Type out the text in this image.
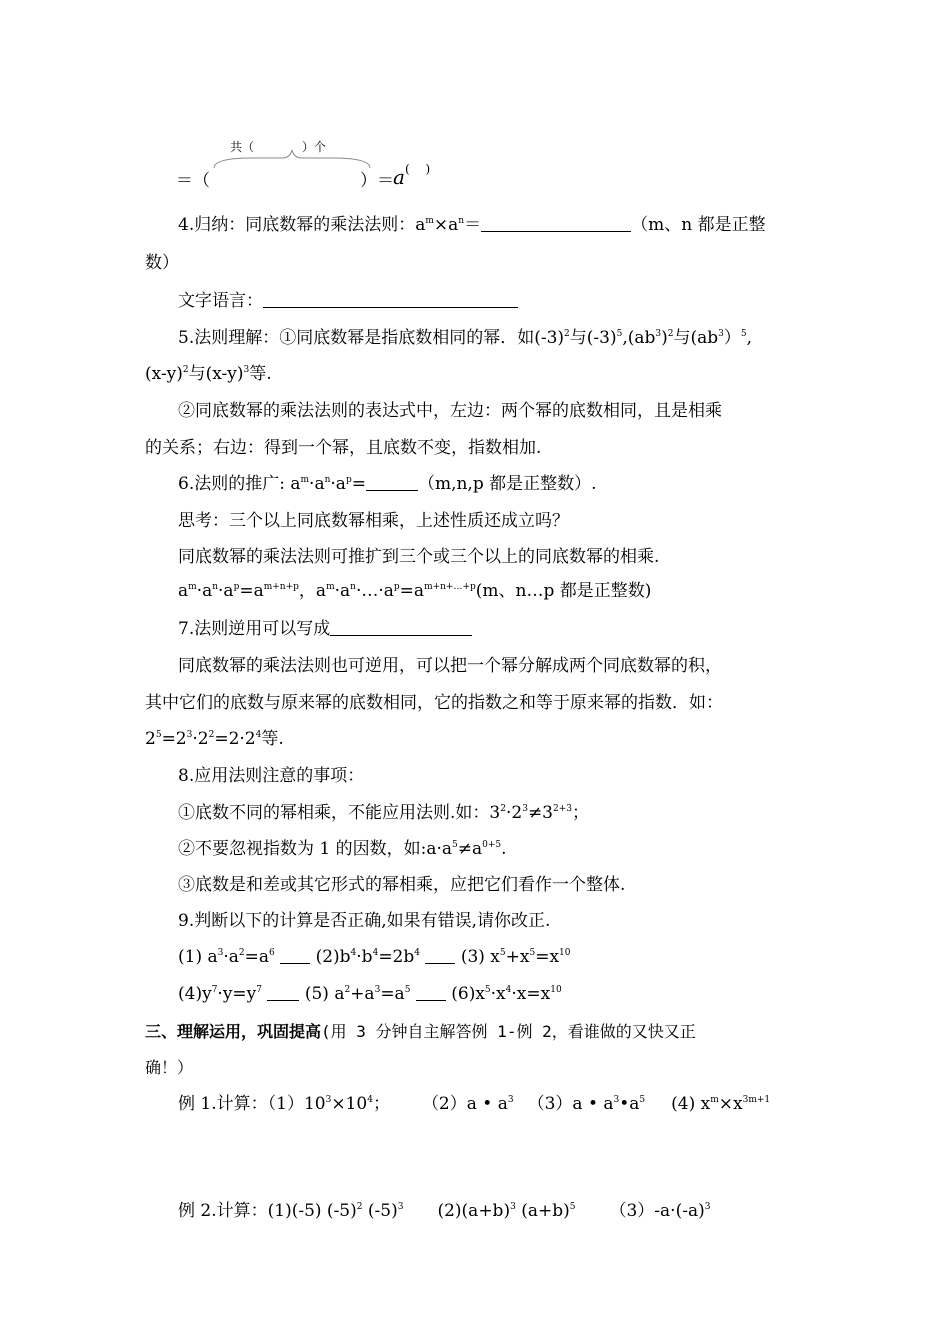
共（　　　　）个
＝（	）＝ a (　 )
4.归纳：同底数幂的乘法法则：$a^m\times a^n=$	（m、n 都是正整
数）
文字语言：
5.法则理解：①同底数幂是指底数相同的幂．如$(-3)^2$与$(-3)^5,(ab^3)^2$与$(ab^3)^5$,
$(x-y)^2$与$(x-y)^3$等.
②同底数幂的乘法法则的表达式中，左边：两个幂的底数相同，且是相乘
的关系；右边：得到一个幂，且底数不变，指数相加.
6.法则的推广: $a^m\cdot a^n\cdot a^p=$	（m,n,p 都是正整数）.
思考：三个以上同底数幂相乘，上述性质还成立吗？
同底数幂的乘法法则可推扩到三个或三个以上的同底数幂的相乘.
$a^m\cdot a^n\cdot a^p=a^{m+n+p}$，$a^m\cdot a^n\cdot\dots\cdot a^p=a^{m+n+\dots+p}(m$、n…p 都是正整数)
7.法则逆用可以写成
同底数幂的乘法法则也可逆用，可以把一个幂分解成两个同底数幂的积，
其中它们的底数与原来幂的底数相同，它的指数之和等于原来幂的指数．如：
$2^5=2^3\cdot 2^2=2\cdot 2^4$等.
8.应用法则注意的事项：
①底数不同的幂相乘，不能应用法则.如：$3^2\cdot 2^3\ne 3^{2+3}$；
②不要忽视指数为 1 的因数，如$:a\cdot a^5\ne a^{0+5}$.
③底数是和差或其它形式的幂相乘，应把它们看作一个整体.
9.判断以下的计算是否正确,如果有错误,请你改正.
(1) $a^3\cdot a^2=a^6$ $(2)b^4\cdot b^4=2b^4$ (3) $x^5+x^5=x^{10}$
$(4)y^7\cdot y=y^7$	(5) $a^2+a^3=a^5$ $(6)x^5\cdot x^4\cdot x=x^{10}$
三、理解运用，巩固提高(用 3 分钟自主解答例 1-例 2，看谁做的又快又正
确！）
例 1.计算：$(1)10^3\times 10^4$； （2）a • $a^3$ （3）a • $a^3•a^5$ (4) $x^m\times x^{3m+1}$
例 2.计算：(1)(-5) $(-5)^2$ $(-5)^3$ $(2)(a+b)^3$ $(a+b)^5$ $(3)-a\cdot(-a)^3$
